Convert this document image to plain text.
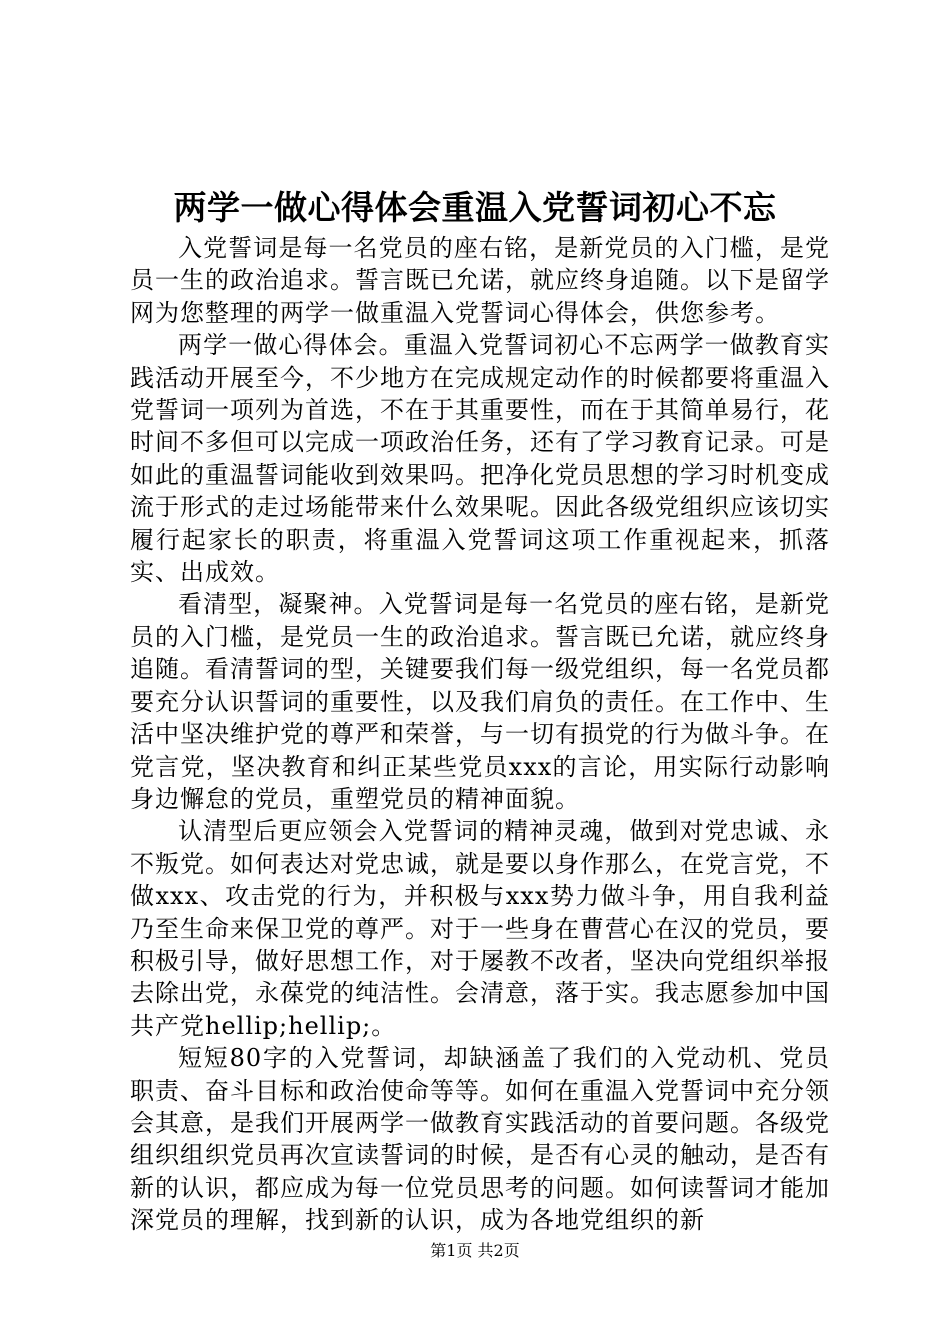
两学一做心得体会重温入党誓词初心不忘

入党誓词是每一名党员的座右铭，是新党员的入门槛，是党员一生的政治追求。誓言既已允诺，就应终身追随。以下是留学网为您整理的两学一做重温入党誓词心得体会，供您参考。

两学一做心得体会。重温入党誓词初心不忘两学一做教育实践活动开展至今，不少地方在完成规定动作的时候都要将重温入党誓词一项列为首选，不在于其重要性，而在于其简单易行，花时间不多但可以完成一项政治任务，还有了学习教育记录。可是如此的重温誓词能收到效果吗。把净化党员思想的学习时机变成流于形式的走过场能带来什么效果呢。因此各级党组织应该切实履行起家长的职责，将重温入党誓词这项工作重视起来，抓落实、出成效。

看清型，凝聚神。入党誓词是每一名党员的座右铭，是新党员的入门槛，是党员一生的政治追求。誓言既已允诺，就应终身追随。看清誓词的型，关键要我们每一级党组织，每一名党员都要充分认识誓词的重要性，以及我们肩负的责任。在工作中、生活中坚决维护党的尊严和荣誉，与一切有损党的行为做斗争。在党言党，坚决教育和纠正某些党员xxx的言论，用实际行动影响身边懈怠的党员，重塑党员的精神面貌。

认清型后更应领会入党誓词的精神灵魂，做到对党忠诚、永不叛党。如何表达对党忠诚，就是要以身作那么，在党言党，不做xxx、攻击党的行为，并积极与xxx势力做斗争，用自我利益乃至生命来保卫党的尊严。对于一些身在曹营心在汉的党员，要积极引导，做好思想工作，对于屡教不改者，坚决向党组织举报去除出党，永葆党的纯洁性。会清意，落于实。我志愿参加中国共产党hellip;hellip;。

短短80字的入党誓词，却缺涵盖了我们的入党动机、党员职责、奋斗目标和政治使命等等。如何在重温入党誓词中充分领会其意，是我们开展两学一做教育实践活动的首要问题。各级党组织组织党员再次宣读誓词的时候，是否有心灵的触动，是否有新的认识，都应成为每一位党员思考的问题。如何读誓词才能加深党员的理解，找到新的认识，成为各地党组织的新

第1页 共2页
